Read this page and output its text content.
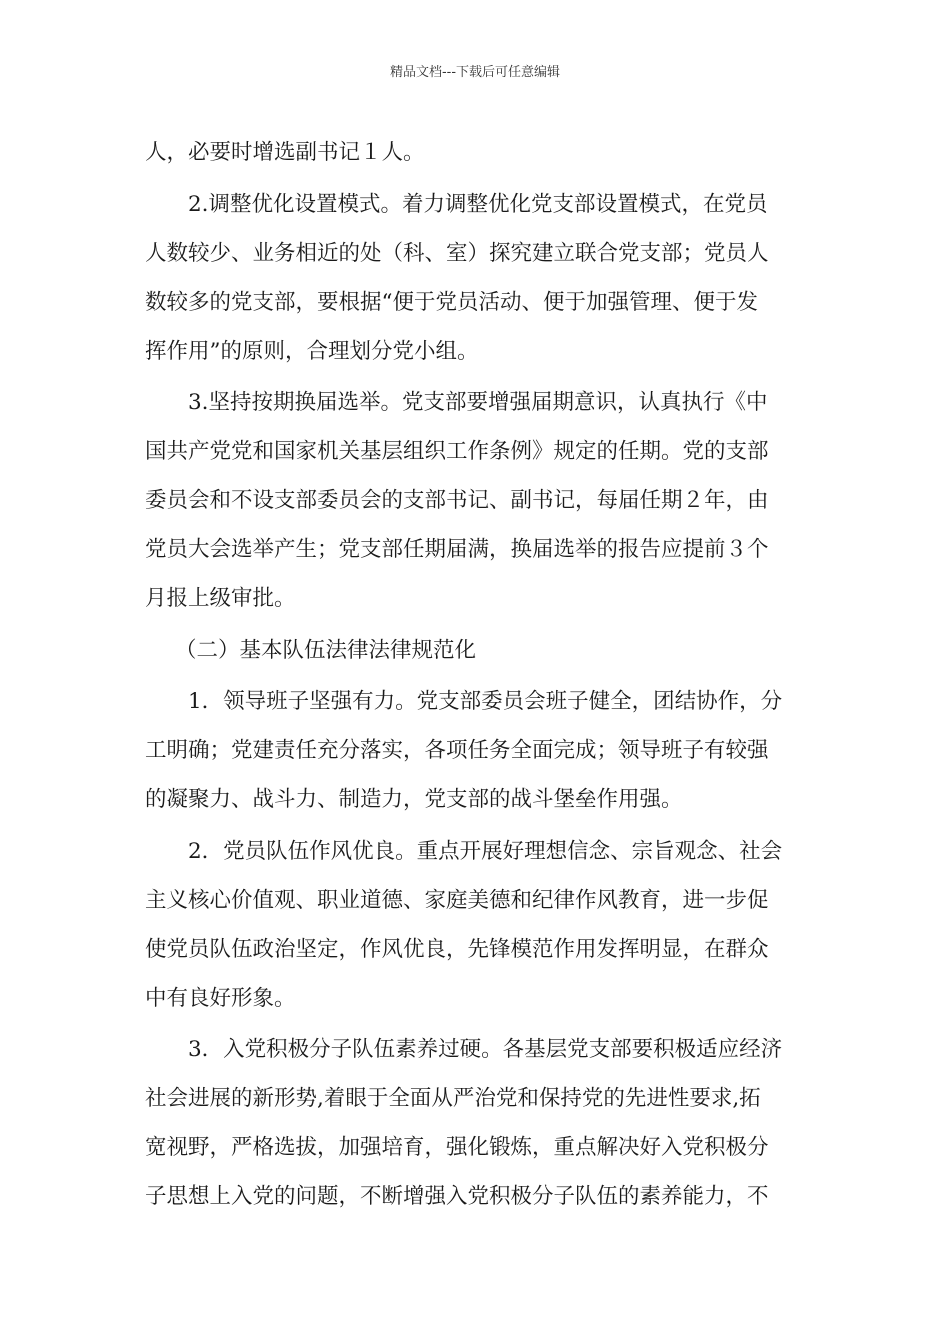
精品文档---下载后可任意编辑
人，必要时增选副书记１人。
2.调整优化设置模式。着力调整优化党支部设置模式，在党员
人数较少、业务相近的处（科、室）探究建立联合党支部；党员人
数较多的党支部，要根据“便于党员活动、便于加强管理、便于发
挥作用”的原则，合理划分党小组。
3.坚持按期换届选举。党支部要增强届期意识，认真执行《中
国共产党党和国家机关基层组织工作条例》规定的任期。党的支部
委员会和不设支部委员会的支部书记、副书记，每届任期２年，由
党员大会选举产生；党支部任期届满，换届选举的报告应提前３个
月报上级审批。
（二）基本队伍法律法律规范化
1．领导班子坚强有力。党支部委员会班子健全，团结协作，分
工明确；党建责任充分落实，各项任务全面完成；领导班子有较强
的凝聚力、战斗力、制造力，党支部的战斗堡垒作用强。
2．党员队伍作风优良。重点开展好理想信念、宗旨观念、社会
主义核心价值观、职业道德、家庭美德和纪律作风教育，进一步促
使党员队伍政治坚定，作风优良，先锋模范作用发挥明显，在群众
中有良好形象。
3．入党积极分子队伍素养过硬。各基层党支部要积极适应经济
社会进展的新形势,着眼于全面从严治党和保持党的先进性要求,拓
宽视野，严格选拔，加强培育，强化锻炼，重点解决好入党积极分
子思想上入党的问题，不断增强入党积极分子队伍的素养能力，不
